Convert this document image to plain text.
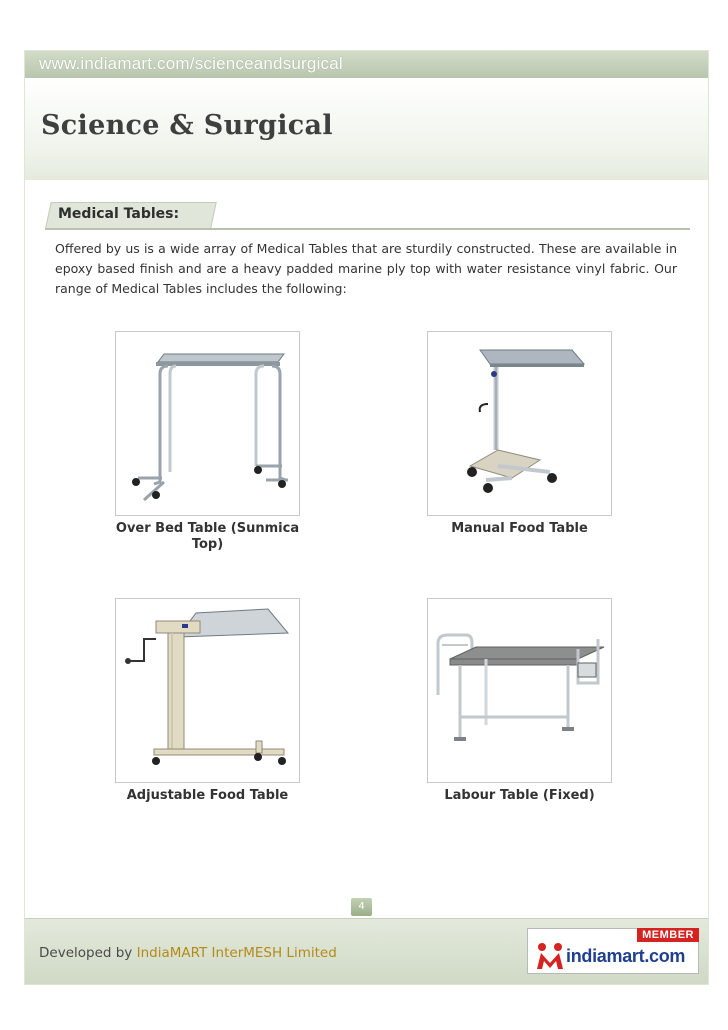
www.indiamart.com/scienceandsurgical
Science & Surgical
Medical Tables:

Offered by us is a wide array of Medical Tables that are sturdily constructed. These are available in epoxy based finish and are a heavy padded marine ply top with water resistance vinyl fabric. Our range of Medical Tables includes the following:

Over Bed Table (Sunmica Top)
Manual Food Table
Adjustable Food Table	Labour Table (Fixed)
4
Developed by IndiaMART InterMESH Limited
MEMBER
indiamart.com
